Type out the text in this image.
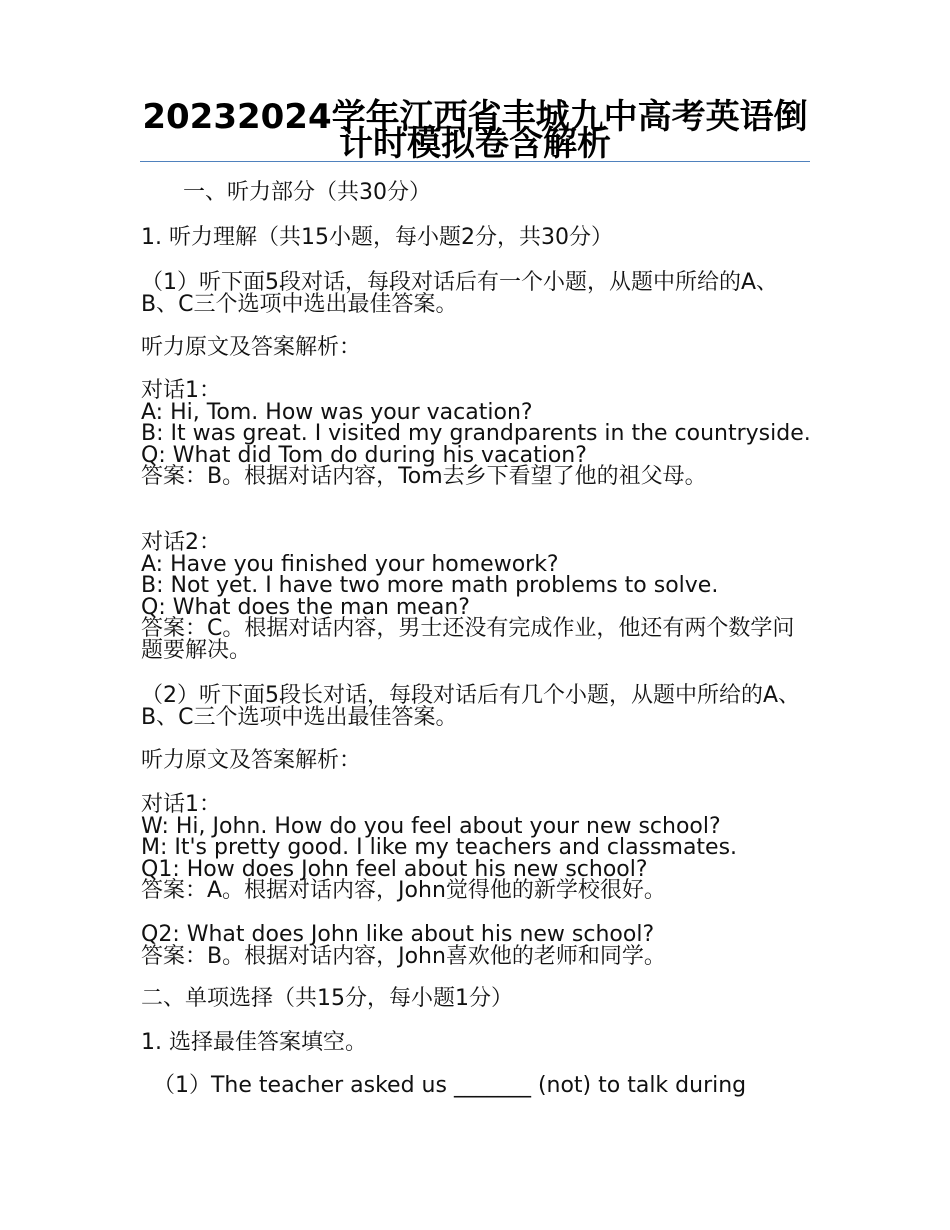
20232024学年江西省丰城九中高考英语倒计时模拟卷含解析
一、听力部分（共30分）
1. 听力理解（共15小题，每小题2分，共30分）
（1）听下面5段对话，每段对话后有一个小题，从题中所给的A、B、C三个选项中选出最佳答案。
听力原文及答案解析：
对话1：
A: Hi, Tom. How was your vacation?
B: It was great. I visited my grandparents in the countryside.
Q: What did Tom do during his vacation?
答案：B。根据对话内容，Tom去乡下看望了他的祖父母。
对话2：
A: Have you finished your homework?
B: Not yet. I have two more math problems to solve.
Q: What does the man mean?
答案：C。根据对话内容，男士还没有完成作业，他还有两个数学问题要解决。
（2）听下面5段长对话，每段对话后有几个小题，从题中所给的A、B、C三个选项中选出最佳答案。
听力原文及答案解析：
对话1：
W: Hi, John. How do you feel about your new school?
M: It's pretty good. I like my teachers and classmates.
Q1: How does John feel about his new school?
答案：A。根据对话内容，John觉得他的新学校很好。
Q2: What does John like about his new school?
答案：B。根据对话内容，John喜欢他的老师和同学。
二、单项选择（共15分，每小题1分）
1. 选择最佳答案填空。
（1）The teacher asked us _______ (not) to talk during
